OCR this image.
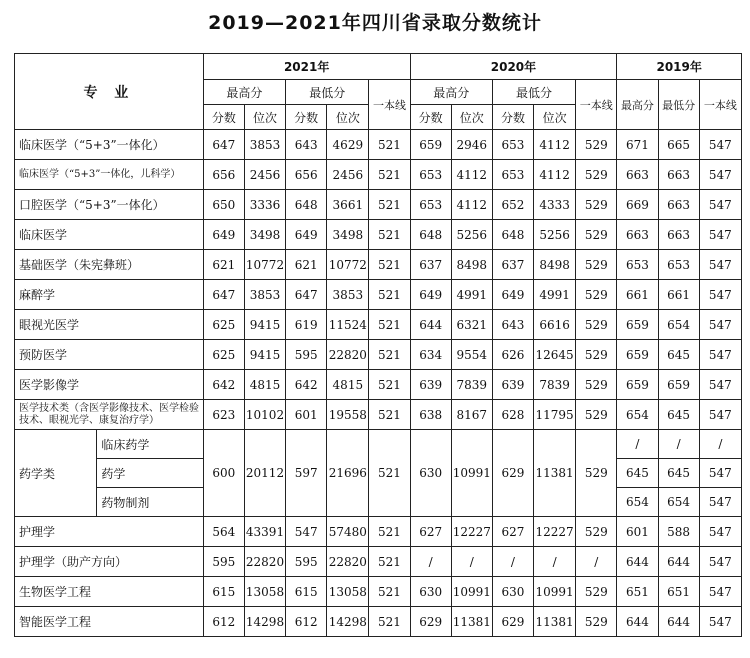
2019—2021年四川省录取分数统计
专 业		2021年					2020年					2019年		
		最高分		最低分		一本线	最高分		最低分		一本线	最高分	最低分	一本线
		分数	位次	分数	位次		分数	位次	分数	位次				
临床医学（“5+3”一体化）		647	3853	643	4629	521	659	2946	653	4112	529	671	665	547
临床医学（“5+3”一体化，儿科学）		656	2456	656	2456	521	653	4112	653	4112	529	663	663	547
口腔医学（“5+3”一体化）		650	3336	648	3661	521	653	4112	652	4333	529	669	663	547
临床医学		649	3498	649	3498	521	648	5256	648	5256	529	663	663	547
基础医学（朱宪彝班）		621	10772	621	10772	521	637	8498	637	8498	529	653	653	547
麻醉学		647	3853	647	3853	521	649	4991	649	4991	529	661	661	547
眼视光医学		625	9415	619	11524	521	644	6321	643	6616	529	659	654	547
预防医学		625	9415	595	22820	521	634	9554	626	12645	529	659	645	547
医学影像学		642	4815	642	4815	521	639	7839	639	7839	529	659	659	547
医学技术类（含医学影像技术、医学检验技术、眼视光学、康复治疗学）		623	10102	601	19558	521	638	8167	628	11795	529	654	645	547
药学类	临床药学	600	20112	597	21696	521	630	10991	629	11381	529	/	/	/
	药学											645	645	547
	药物制剂											654	654	547
护理学		564	43391	547	57480	521	627	12227	627	12227	529	601	588	547
护理学（助产方向）		595	22820	595	22820	521	/	/	/	/	/	644	644	547
生物医学工程		615	13058	615	13058	521	630	10991	630	10991	529	651	651	547
智能医学工程		612	14298	612	14298	521	629	11381	629	11381	529	644	644	547
